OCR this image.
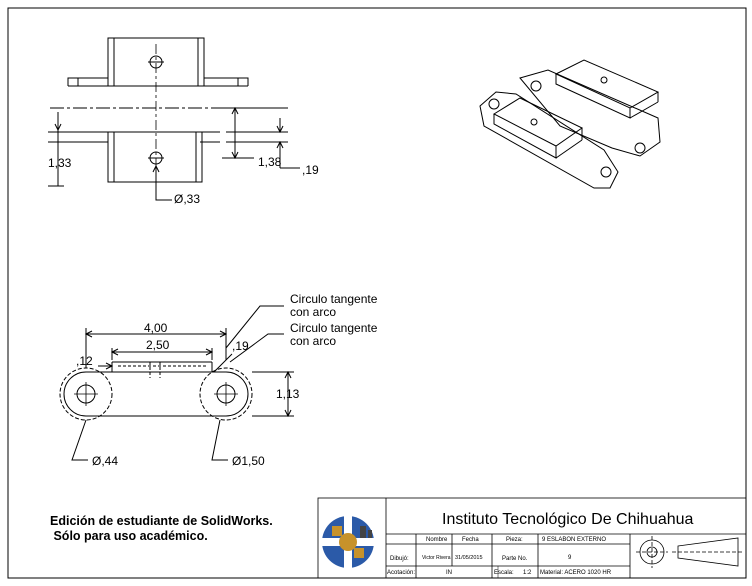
1,33	1,38
,19
Ø,33
4,00
2,50
,12
,19
1,13
Ø,44	Ø1,50
Circulo tangente
con arco
Circulo tangente
con arco
Instituto Tecnológico De Chihuahua
Nombre Fecha	Pieza:	9 ESLABON EXTERNO
Dibujó:	Victor Rivera 31/05/2015	Parte No.	9
Acotación:	IN	Escala: 1:2 Material: ACERO 1020 HR
Edición de estudiante de SolidWorks.
Sólo para uso académico.
